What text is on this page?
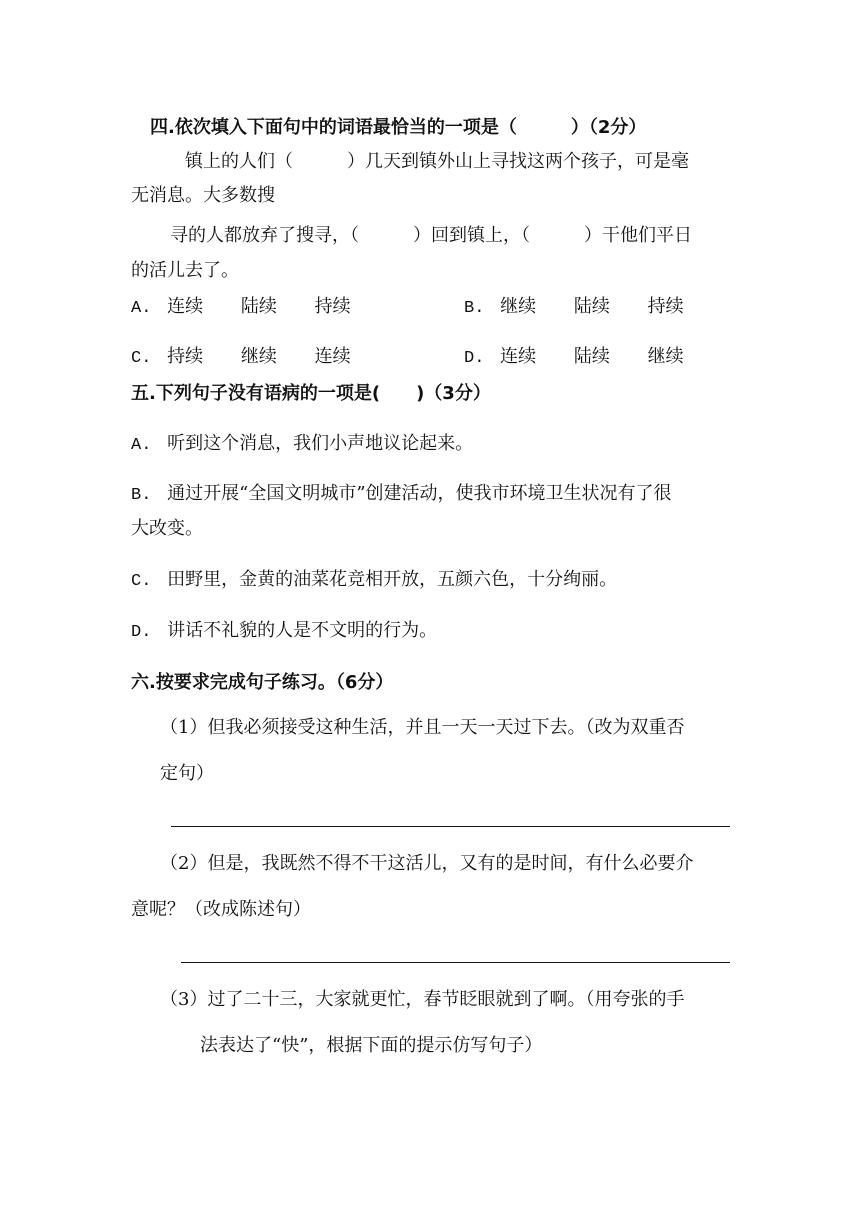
四.依次填入下面句中的词语最恰当的一项是（　　　）（2分）
镇上的人们（　　　）几天到镇外山上寻找这两个孩子，可是毫
无消息。大多数搜
寻的人都放弃了搜寻，（　　　）回到镇上，（　　　）干他们平日
的活儿去了。
A. 连续 陆续 持续	B. 继续 陆续 持续
C. 持续 继续 连续	D. 连续 陆续 继续
五.下列句子没有语病的一项是(　　)（3分）
A. 听到这个消息，我们小声地议论起来。
B. 通过开展“全国文明城市”创建活动，使我市环境卫生状况有了很
大改变。
C. 田野里，金黄的油菜花竞相开放，五颜六色，十分绚丽。
D. 讲话不礼貌的人是不文明的行为。
六.按要求完成句子练习。（6分）
（1）但我必须接受这种生活，并且一天一天过下去。（改为双重否
定句）
（2）但是，我既然不得不干这活儿，又有的是时间，有什么必要介
意呢？（改成陈述句）
（3）过了二十三，大家就更忙，春节眨眼就到了啊。（用夸张的手
法表达了“快”，根据下面的提示仿写句子）
